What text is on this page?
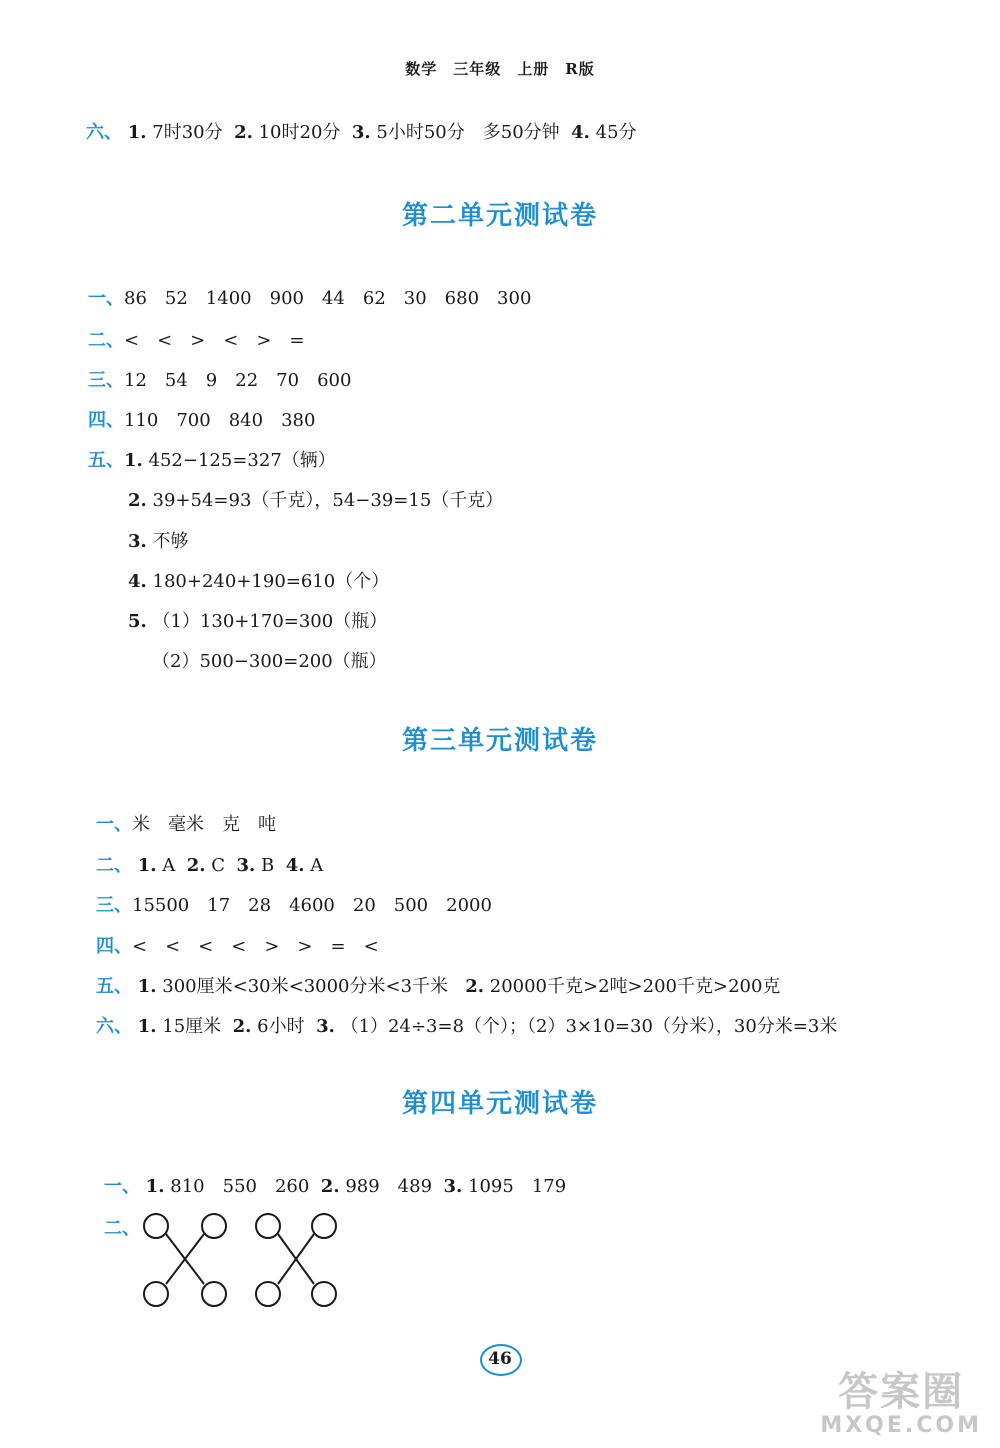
数学　三年级　上册　R版
六、 1. 7时30分 2. 10时20分 3. 5小时50分　多50分钟 4. 45分
第二单元测试卷
一、86　52　1400　900　44　62　30　680　300
二、<　<　>　<　>　=
三、12　54　9　22　70　600
四、110　700　840　380
五、1. 452−125=327（辆）
2. 39+54=93（千克），54−39=15（千克）
3. 不够
4. 180+240+190=610（个）
5. （1）130+170=300（瓶）
（2）500−300=200（瓶）
第三单元测试卷
一、米　毫米　克　吨
二、 1. A 2. C 3. B 4. A
三、15500　17　28　4600　20　500　2000
四、<　<　<　<　>　>　=　<
五、 1. 300厘米<30米<3000分米<3千米 2. 20000千克>2吨>200千克>200克
六、 1. 15厘米 2. 6小时 3. （1）24÷3=8（个）；（2）3×10=30（分米），30分米=3米
第四单元测试卷
一、 1. 810　550　260 2. 989　489 3. 1095　179
二、
46
答案圈
MXQE.COM
